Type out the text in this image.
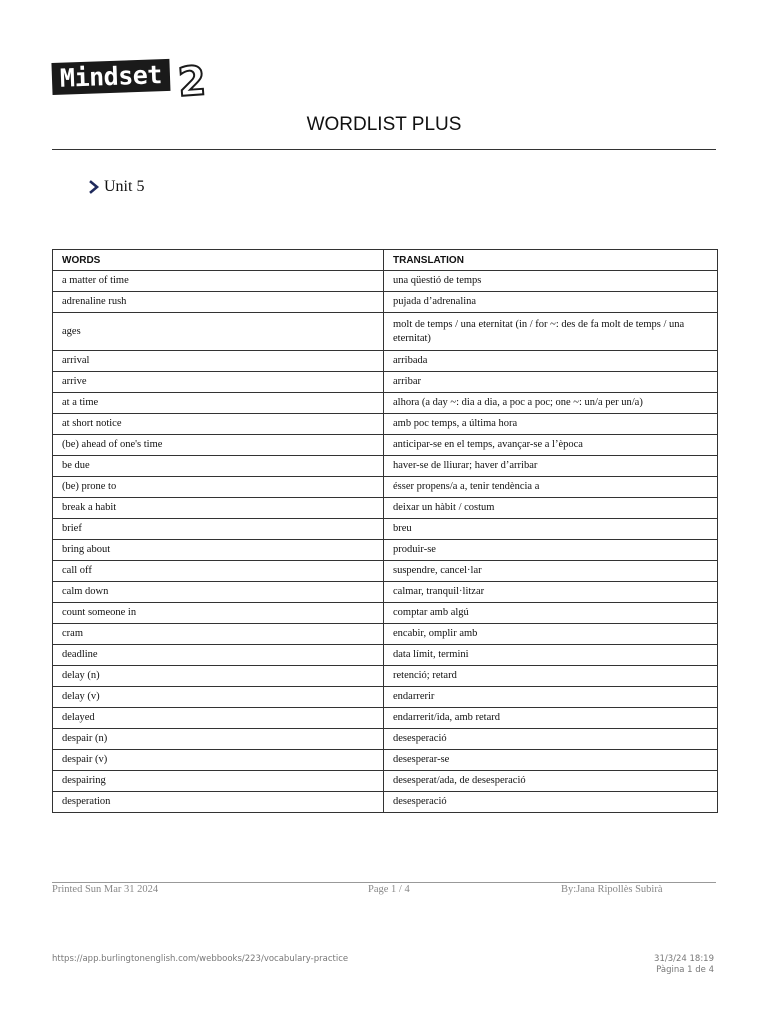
Mindset 2
WORDLIST PLUS
Unit 5
WORDS	TRANSLATION
a matter of time	una qüestió de temps
adrenaline rush	pujada d’adrenalina
ages	molt de temps / una eternitat (in / for ~: des de fa molt de temps / una eternitat)
arrival	arribada
arrive	arribar
at a time	alhora (a day ~: dia a dia, a poc a poc; one ~: un/a per un/a)
at short notice	amb poc temps, a última hora
(be) ahead of one's time	anticipar-se en el temps, avançar-se a l’època
be due	haver-se de lliurar; haver d’arribar
(be) prone to	ésser propens/a a, tenir tendència a
break a habit	deixar un hàbit / costum
brief	breu
bring about	produir-se
call off	suspendre, cancel·lar
calm down	calmar, tranquil·litzar
count someone in	comptar amb algú
cram	encabir, omplir amb
deadline	data límit, termini
delay (n)	retenció; retard
delay (v)	endarrerir
delayed	endarrerit/ida, amb retard
despair (n)	desesperació
despair (v)	desesperar-se
despairing	desesperat/ada, de desesperació
desperation	desesperació
Printed Sun Mar 31 2024	Page 1 / 4	By:Jana Ripollès Subirà
https://app.burlingtonenglish.com/webbooks/223/vocabulary-practice	31/3/24 18:19
Pàgina 1 de 4
